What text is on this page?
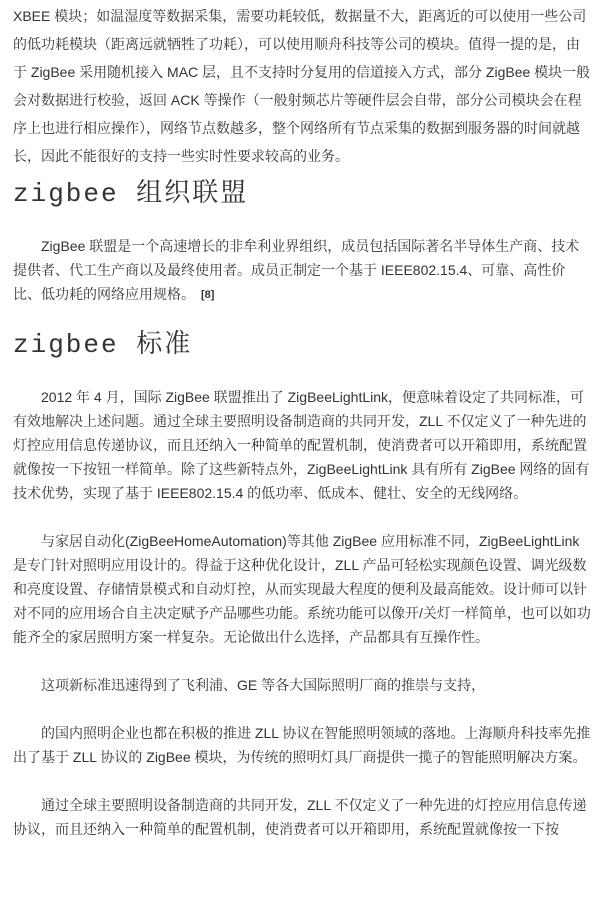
XBEE 模块；如温湿度等数据采集，需要功耗较低，数据量不大，距离近的可以使用一些公司的低功耗模块（距离远就牺牲了功耗），可以使用顺舟科技等公司的模块。值得一提的是，由于 ZigBee 采用随机接入 MAC 层，且不支持时分复用的信道接入方式，部分 ZigBee 模块一般会对数据进行校验，返回 ACK 等操作（一般射频芯片等硬件层会自带，部分公司模块会在程序上也进行相应操作），网络节点数越多，整个网络所有节点采集的数据到服务器的时间就越长，因此不能很好的支持一些实时性要求较高的业务。

zigbee 组织联盟

ZigBee 联盟是一个高速增长的非牟利业界组织，成员包括国际著名半导体生产商、技术提供者、代工生产商以及最终使用者。成员正制定一个基于 IEEE802.15.4、可靠、高性价比、低功耗的网络应用规格。 [8]

zigbee 标准

2012 年 4 月，国际 ZigBee 联盟推出了 ZigBeeLightLink，便意味着设定了共同标准，可有效地解决上述问题。通过全球主要照明设备制造商的共同开发，ZLL 不仅定义了一种先进的灯控应用信息传递协议，而且还纳入一种简单的配置机制，使消费者可以开箱即用，系统配置就像按一下按钮一样简单。除了这些新特点外，ZigBeeLightLink 具有所有 ZigBee 网络的固有技术优势，实现了基于 IEEE802.15.4 的低功率、低成本、健壮、安全的无线网络。

与家居自动化(ZigBeeHomeAutomation)等其他 ZigBee 应用标准不同，ZigBeeLightLink 是专门针对照明应用设计的。得益于这种优化设计，ZLL 产品可轻松实现颜色设置、调光级数和亮度设置、存储情景模式和自动灯控，从而实现最大程度的便利及最高能效。设计师可以针对不同的应用场合自主决定赋予产品哪些功能。系统功能可以像开/关灯一样简单，也可以如功能齐全的家居照明方案一样复杂。无论做出什么选择，产品都具有互操作性。

这项新标准迅速得到了飞利浦、GE 等各大国际照明厂商的推崇与支持，

的国内照明企业也都在积极的推进 ZLL 协议在智能照明领域的落地。上海顺舟科技率先推出了基于 ZLL 协议的 ZigBee 模块，为传统的照明灯具厂商提供一揽子的智能照明解决方案。

通过全球主要照明设备制造商的共同开发，ZLL 不仅定义了一种先进的灯控应用信息传递协议，而且还纳入一种简单的配置机制，使消费者可以开箱即用，系统配置就像按一下按
